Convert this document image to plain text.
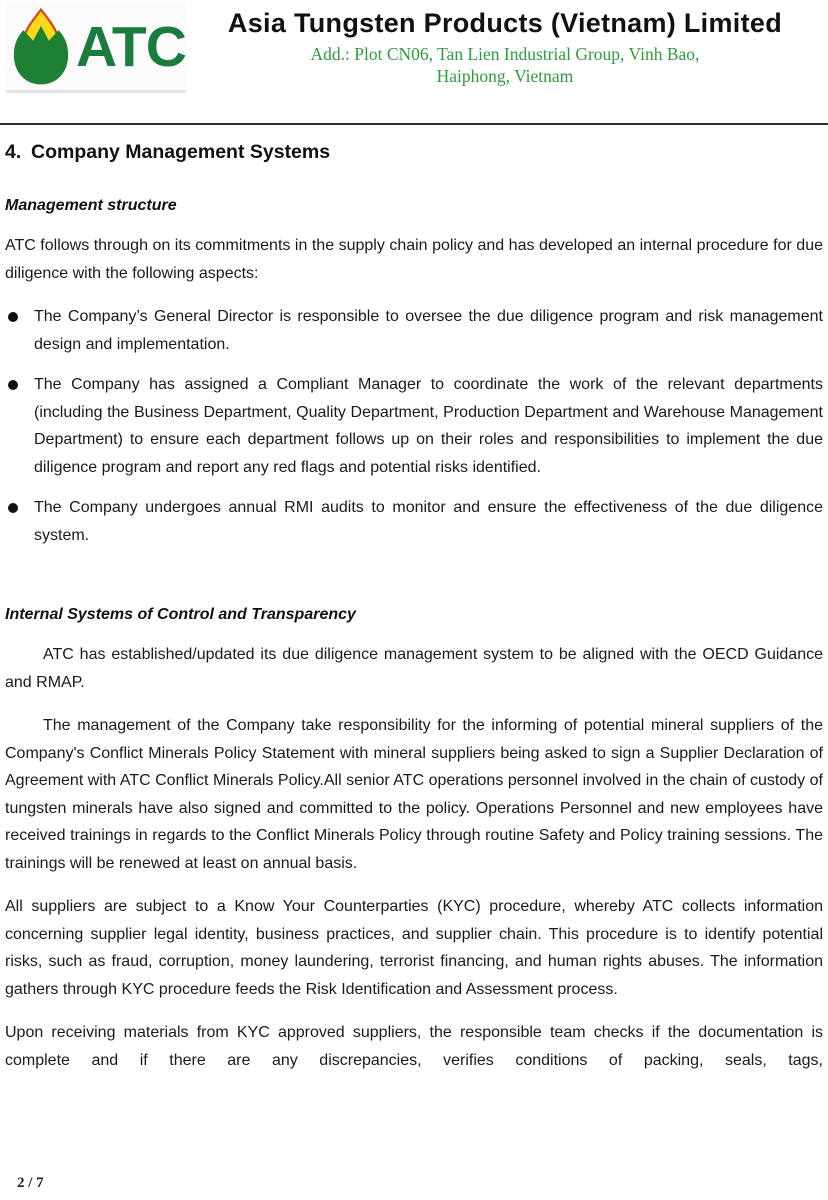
ATC	Asia Tungsten Products (Vietnam) Limited
Add.: Plot CN06, Tan Lien Industrial Group, Vinh Bao,
Haiphong, Vietnam
4. Company Management Systems
Management structure

ATC follows through on its commitments in the supply chain policy and has developed an internal procedure for due diligence with the following aspects:

The Company’s General Director is responsible to oversee the due diligence program and risk management design and implementation.
The Company has assigned a Compliant Manager to coordinate the work of the relevant departments (including the Business Department, Quality Department, Production Department and Warehouse Management Department) to ensure each department follows up on their roles and responsibilities to implement the due diligence program and report any red flags and potential risks identified.
The Company undergoes annual RMI audits to monitor and ensure the effectiveness of the due diligence system.
Internal Systems of Control and Transparency

ATC has established/updated its due diligence management system to be aligned with the OECD Guidance and RMAP.

The management of the Company take responsibility for the informing of potential mineral suppliers of the Company's Conflict Minerals Policy Statement with mineral suppliers being asked to sign a Supplier Declaration of Agreement with ATC Conflict Minerals Policy.All senior ATC operations personnel involved in the chain of custody of tungsten minerals have also signed and committed to the policy. Operations Personnel and new employees have received trainings in regards to the Conflict Minerals Policy through routine Safety and Policy training sessions. The trainings will be renewed at least on annual basis.

All suppliers are subject to a Know Your Counterparties (KYC) procedure, whereby ATC collects information concerning supplier legal identity, business practices, and supplier chain. This procedure is to identify potential risks, such as fraud, corruption, money laundering, terrorist financing, and human rights abuses. The information gathers through KYC procedure feeds the Risk Identification and Assessment process.

Upon receiving materials from KYC approved suppliers, the responsible team checks if the documentation is complete and if there are any discrepancies, verifies conditions of packing, seals, tags,

2 / 7
